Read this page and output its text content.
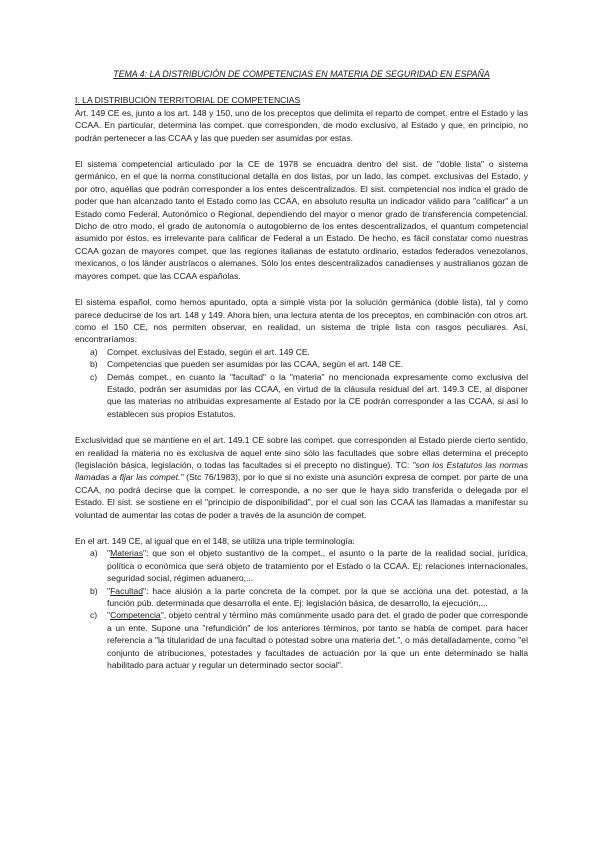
TEMA 4: LA DISTRIBUCIÓN DE COMPETENCIAS EN MATERIA DE SEGURIDAD EN ESPAÑA

I. LA DISTRIBUCIÓN TERRITORIAL DE COMPETENCIAS

Art. 149 CE es, junto a los art. 148 y 150, uno de los preceptos que delimita el reparto de compet. entre el Estado y las CCAA. En particular, determina las compet. que corresponden, de modo exclusivo, al Estado y que, en principio, no podrán pertenecer a las CCAA y las que pueden ser asumidas por estas.

El sistema competencial articulado por la CE de 1978 se encuadra dentro del sist. de "doble lista" o sistema germánico, en el que la norma constitucional detalla en dos listas, por un lado, las compet. exclusivas del Estado, y por otro, aquéllas que podrán corresponder a los entes descentralizados. El sist. competencial nos indica el grado de poder que han alcanzado tanto el Estado como las CCAA, en absoluto resulta un indicador válido para "calificar" a un Estado como Federal, Autonómico o Regional, dependiendo del mayor o menor grado de transferencia competencial. Dicho de otro modo, el grado de autonomía o autogobierno de los entes descentralizados, el quantum competencial asumido por éstos, es irrelevante para calificar de Federal a un Estado. De hecho, es fácil constatar como nuestras CCAA gozan de mayores compet. que las regiones italianas de estatuto ordinario, estados federados venezolanos, mexicanos, o los länder austríacos o alemanes. Sólo los entes descentralizados canadienses y australianos gozan de mayores compet. que las CCAA españolas.

El sistema español, como hemos apuntado, opta a simple vista por la solución germánica (doble lista), tal y como parece deducirse de los art. 148 y 149. Ahora bien, una lectura atenta de los preceptos, en combinación con otros art. como el 150 CE, nos permiten observar, en realidad, un sistema de triple lista con rasgos peculiares. Así, encontraríamos:

a) Compet. exclusivas del Estado, según el art. 149 CE.
b) Competencias que pueden ser asumidas por las CCAA, según el art. 148 CE.
c) Demás compet., en cuanto la "facultad" o la "materia" no mencionada expresamente como exclusiva del Estado, podrán ser asumidas por las CCAA, en virtud de la cláusula residual del art. 149.3 CE, al disponer que las materias no atribuidas expresamente al Estado por la CE podrán corresponder a las CCAA, si así lo establecen sus propios Estatutos.

Exclusividad que se mantiene en el art. 149.1 CE sobre las compet. que corresponden al Estado pierde cierto sentido, en realidad la materia no es exclusiva de aquel ente sino sólo las facultades que sobre ellas determina el precepto (legislación básica, legislación, o todas las facultades si el precepto no distingue). TC: "son los Estatutos las normas llamadas a fijar las compet." (Stc 76/1983), por lo que si no existe una asunción expresa de compet. por parte de una CCAA, no podrá decirse que la compet. le corresponde, a no ser que le haya sido transferida o delegada por el Estado. El sist. se sostiene en el "principio de disponibilidad", por el cual son las CCAA las llamadas a manifestar su voluntad de aumentar las cotas de poder a través de la asunción de compet.

En el art. 149 CE, al igual que en el 148, se utiliza una triple terminología:

a) "Materias": que son el objeto sustantivo de la compet., el asunto o la parte de la realidad social, jurídica, política o económica que será objeto de tratamiento por el Estado o la CCAA. Ej: relaciones internacionales, seguridad social, régimen aduanero,...
b) "Facultad": hace alusión a la parte concreta de la compet. por la que se acciona una det. potestad, a la función púb. determinada que desarrolla el ente. Ej: legislación básica, de desarrollo, la ejecución,...
c) "Competencia", objeto central y término más comúnmente usado para det. el grado de poder que corresponde a un ente. Supone una "refundición" de los anteriores términos, por tanto se habla de compet. para hacer referencia a "la titularidad de una facultad o potestad sobre una materia det.", o más detalladamente, como "el conjunto de atribuciones, potestades y facultades de actuación por la que un ente determinado se halla habilitado para actuar y regular un determinado sector social".
